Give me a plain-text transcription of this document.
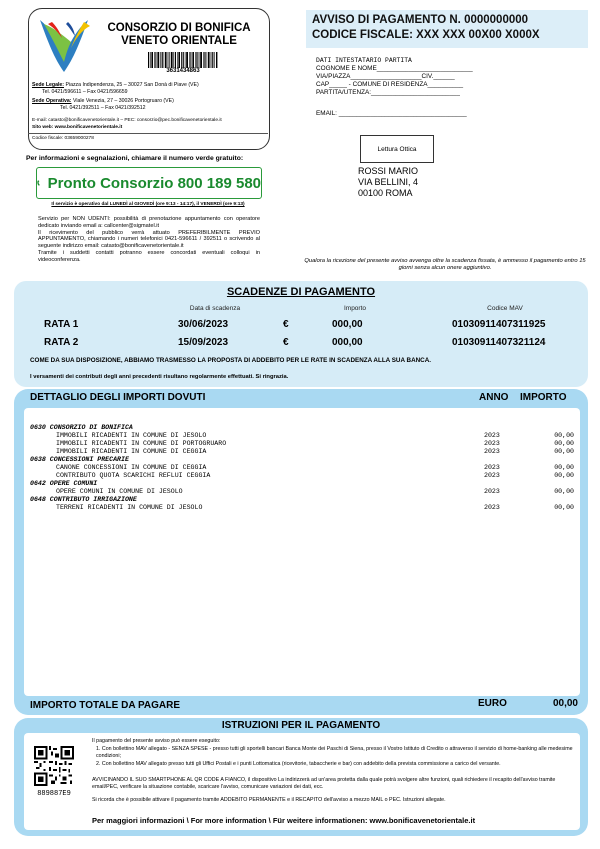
CONSORZIO DI BONIFICA
VENETO ORIENTALE
3631434863
Sede Legale: Piazza Indipendenza, 25 – 30027 San Donà di Piave (VE)
Tel. 0421/596611 – Fax 0421/596659
Sede Operativa: Viale Venezia, 27 – 30026 Portogruaro (VE)
Tel. 0421/392511 – Fax 0421/392512
E-mail: catasto@bonificavenetorientale.it – PEC: consorzio@pec.bonificavenetorientale.it
Sito web: www.bonificavenetorientale.it
Codice fiscale: 03659000278
AVVISO DI PAGAMENTO N. 0000000000
CODICE FISCALE: XXX XXX 00X00 X000X
DATI INTESTATARIO PARTITA
COGNOME E NOME___________________________
VIA/PIAZZA____________________CIV.______
CAP_____ - COMUNE DI RESIDENZA__________
PARTITA/UTENZA:_________________________
EMAIL: ____________________________________
Lettura Ottica
ROSSI MARIO
VIA BELLINI, 4
00100 ROMA
Per informazioni e segnalazioni, chiamare il numero verde gratuito:
Pronto Consorzio 800 189 580
Il servizio è operativo dal LUNEDÌ al GIOVEDÌ (ore 9:13 - 14:17), il VENERDÌ (ore 9:13)
Servizio per NON UDENTI: possibilità di prenotazione appuntamento con operatore dedicato inviando email a: callcenter@sigmatel.it
Il ricevimento del pubblico verrà attuato PREFERIBILMENTE PREVIO APPUNTAMENTO, chiamando i numeri telefonici 0421-596611 / 392511 o scrivendo al seguente indirizzo email: catasto@bonificavenetorientale.it
Tramite i suddetti contatti potranno essere concordati eventuali colloqui in videoconferenza.	Qualora la ricezione del presente avviso avvenga oltre la scadenza fissata, è ammesso il pagamento entro 15 giorni senza alcun onere aggiuntivo.
SCADENZE DI PAGAMENTO
Data di scadenza	Importo	Codice MAV
RATA 1	30/06/2023	€	000,00	01030911407311925
RATA 2	15/09/2023	€	000,00	01030911407321124
COME DA SUA DISPOSIZIONE, ABBIAMO TRASMESSO LA PROPOSTA DI ADDEBITO PER LE RATE IN SCADENZA ALLA SUA BANCA.
I versamenti dei contributi degli anni precedenti risultano regolarmente effettuati. Si ringrazia.
DETTAGLIO DEGLI IMPORTI DOVUTI	ANNO IMPORTO
0630 CONSORZIO DI BONIFICA
IMMOBILI RICADENTI IN COMUNE DI JESOLO	2023	00,00
IMMOBILI RICADENTI IN COMUNE DI PORTOGRUARO	2023	00,00
IMMOBILI RICADENTI IN COMUNE DI CEGGIA	2023	00,00
0638 CONCESSIONI PRECARIE
CANONE CONCESSIONI IN COMUNE DI CEGGIA	2023	00,00
CONTRIBUTO QUOTA SCARICHI REFLUI CEGGIA	2023	00,00
0642 OPERE COMUNI
OPERE COMUNI IN COMUNE DI JESOLO	2023	00,00
0648 CONTRIBUTO IRRIGAZIONE
TERRENI RICADENTI IN COMUNE DI JESOLO	2023	00,00
IMPORTO TOTALE DA PAGARE	EURO	00,00
ISTRUZIONI PER IL PAGAMENTO
889887E9
Il pagamento del presente avviso può essere eseguito:
1. Con bollettino MAV allegato - SENZA SPESE - presso tutti gli sportelli bancari Banca Monte dei Paschi di Siena, presso il Vostro Istituto di Credito o attraverso il servizio di home-banking alle medesime condizioni;
2. Con bollettino MAV allegato presso tutti gli Uffici Postali e i punti Lottomatica (ricevitorie, tabaccherie e bar) con addebito della prevista commissione a carico del versante.
AVVICINANDO IL SUO SMARTPHONE AL QR CODE A FIANCO, il dispositivo La indirizzerà ad un'area protetta dalla quale potrà svolgere altre funzioni, quali richiedere il recapito dell'avviso tramite email/PEC, verificare la situazione contabile, scaricare l'avviso, comunicare variazioni dei dati, ecc.
Si ricorda che è possibile attivare il pagamento tramite ADDEBITO PERMANENTE e il RECAPITO dell'avviso a mezzo MAIL o PEC. Istruzioni allegate.
Per maggiori informazioni \ For more information \ Für weitere informationen: www.bonificavenetorientale.it
